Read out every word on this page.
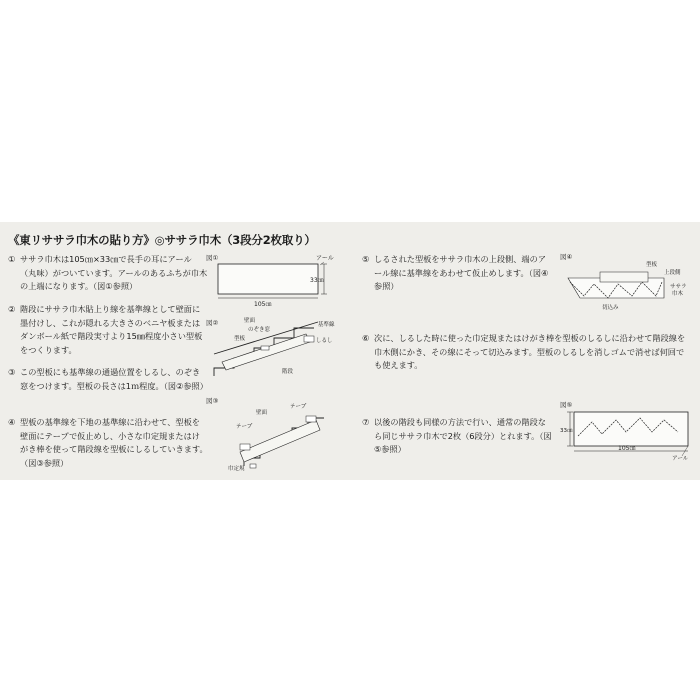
《東リササラ巾木の貼り方》◎ササラ巾木（3段分2枚取り）
① ササラ巾木は105㎝×33㎝で長手の耳にアール（丸味）がついています。アールのあるふちが巾木の上端になります。（図①参照）
② 階段にササラ巾木貼上り線を基準線として壁面に墨付けし、これが隠れる大きさのベニヤ板またはダンボール紙で階段実寸より15㎜程度小さい型板をつくります。
③ この型板にも基準線の通過位置をしるし、のぞき窓をつけます。型板の長さは1ｍ程度。（図②参照）
④ 型板の基準線を下地の基準線に沿わせて、型板を壁面にテープで仮止めし、小さな巾定規またはけがき棒を使って階段線を型板にしるしていきます。（図③参照）
⑤ しるされた型板をササラ巾木の上段側、端のアール線に基準線をあわせて仮止めします。（図④参照）
⑥ 次に、しるした時に使った巾定規またはけがき棒を型板のしるしに沿わせて階段線を巾木側にかき、その線にそって切込みます。型板のしるしを消しゴムで消せば何回でも使えます。
⑦ 以後の階段も同様の方法で行い、通常の階段なら同じササラ巾木で2枚（6段分）とれます。（図⑤参照）
図①
33㎝
アール
105㎝
図②	壁面
のぞき窓
型板
基準線
しるし
階段
図③
テープ
壁面
テープ
巾定規
図④
型板
上段側
ササラ
巾木
切込み
図⑤
33㎝
105㎝
アール
